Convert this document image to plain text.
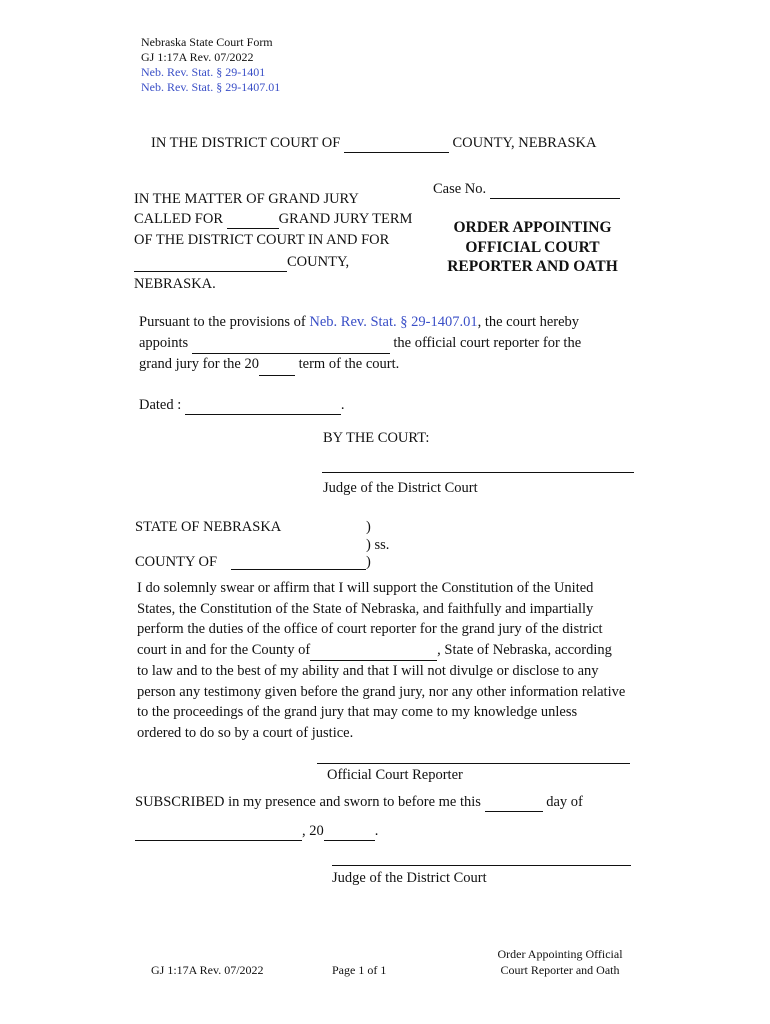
Nebraska State Court Form
GJ 1:17A Rev. 07/2022
Neb. Rev. Stat. § 29-1401
Neb. Rev. Stat. § 29-1407.01
IN THE DISTRICT COURT OF	COUNTY, NEBRASKA
IN THE MATTER OF GRAND JURY
CALLED FOR	GRAND JURY TERM
OF THE DISTRICT COURT IN AND FOR
COUNTY,
NEBRASKA.
Case No.
ORDER APPOINTING
OFFICIAL COURT
REPORTER AND OATH
Pursuant to the provisions of Neb. Rev. Stat. § 29-1407.01, the court hereby
appoints	the official court reporter for the
grand jury for the 20	term of the court.
Dated :	.
BY THE COURT:
Judge of the District Court
STATE OF NEBRASKA	)
) ss.
COUNTY OF	)
I do solemnly swear or affirm that I will support the Constitution of the United
States, the Constitution of the State of Nebraska, and faithfully and impartially
perform the duties of the office of court reporter for the grand jury of the district
court in and for the County of	, State of Nebraska, according
to law and to the best of my ability and that I will not divulge or disclose to any
person any testimony given before the grand jury, nor any other information relative
to the proceedings of the grand jury that may come to my knowledge unless
ordered to do so by a court of justice.
Official Court Reporter
SUBSCRIBED in my presence and sworn to before me this	day of
, 20	.
Judge of the District Court
GJ 1:17A Rev. 07/2022	Page 1 of 1
Order Appointing Official
Court Reporter and Oath
